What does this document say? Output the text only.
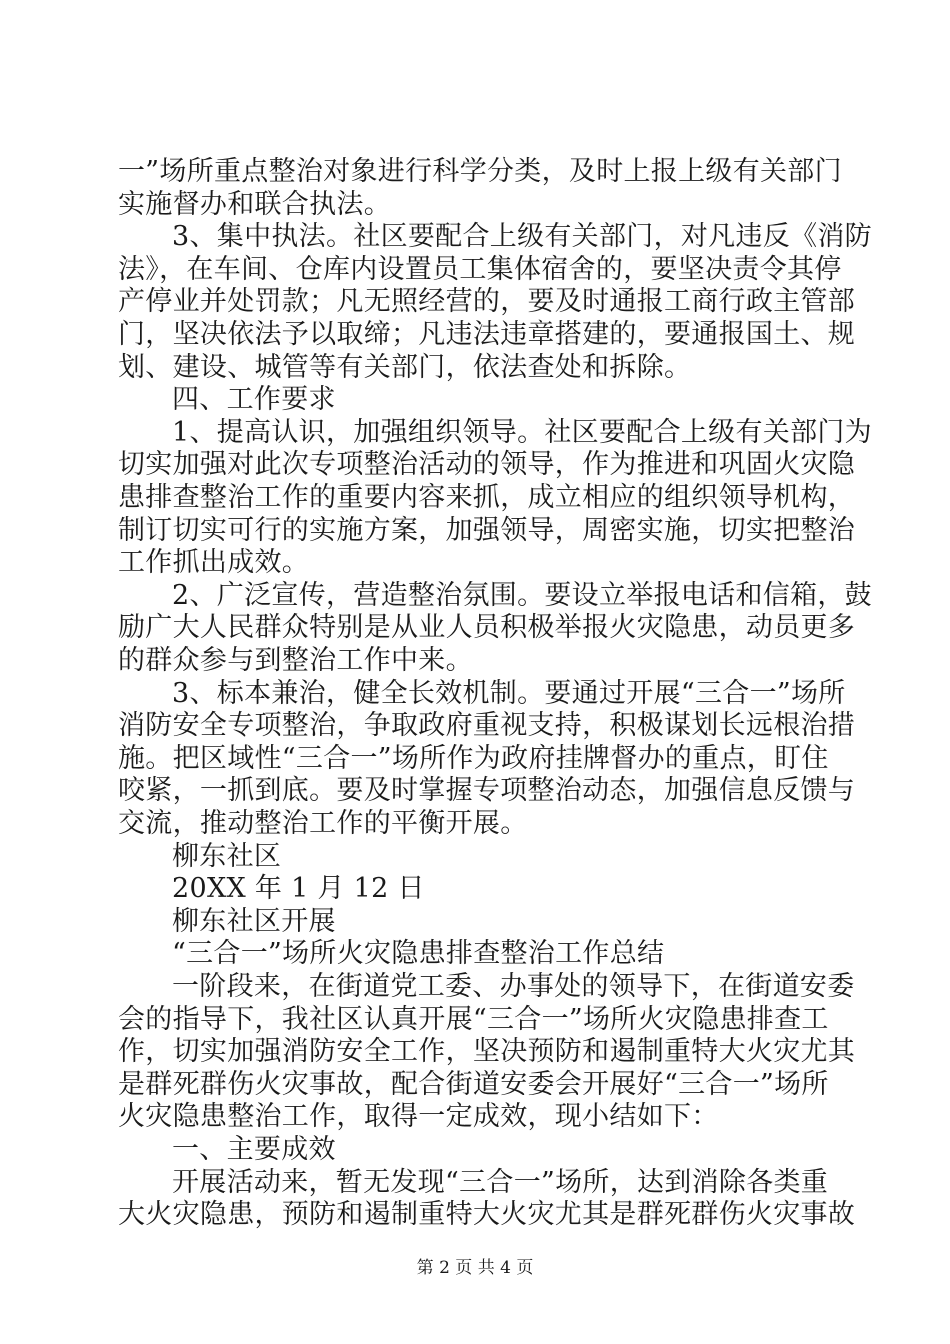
一”场所重点整治对象进行科学分类，及时上报上级有关部门
实施督办和联合执法。
3、集中执法。社区要配合上级有关部门，对凡违反《消防
法》，在车间、仓库内设置员工集体宿舍的，要坚决责令其停
产停业并处罚款；凡无照经营的，要及时通报工商行政主管部
门，坚决依法予以取缔；凡违法违章搭建的，要通报国土、规
划、建设、城管等有关部门，依法查处和拆除。
四、工作要求
1、提高认识，加强组织领导。社区要配合上级有关部门为
切实加强对此次专项整治活动的领导，作为推进和巩固火灾隐
患排查整治工作的重要内容来抓，成立相应的组织领导机构，
制订切实可行的实施方案，加强领导，周密实施，切实把整治
工作抓出成效。
2、广泛宣传，营造整治氛围。要设立举报电话和信箱，鼓
励广大人民群众特别是从业人员积极举报火灾隐患，动员更多
的群众参与到整治工作中来。
3、标本兼治，健全长效机制。要通过开展“三合一”场所
消防安全专项整治，争取政府重视支持，积极谋划长远根治措
施。把区域性“三合一”场所作为政府挂牌督办的重点，盯住
咬紧，一抓到底。要及时掌握专项整治动态，加强信息反馈与
交流，推动整治工作的平衡开展。
柳东社区
20XX 年 1 月 12 日
柳东社区开展
“三合一”场所火灾隐患排查整治工作总结
一阶段来，在街道党工委、办事处的领导下，在街道安委
会的指导下，我社区认真开展“三合一”场所火灾隐患排查工
作，切实加强消防安全工作，坚决预防和遏制重特大火灾尤其
是群死群伤火灾事故，配合街道安委会开展好“三合一”场所
火灾隐患整治工作，取得一定成效，现小结如下：
一、主要成效
开展活动来，暂无发现“三合一”场所，达到消除各类重
大火灾隐患，预防和遏制重特大火灾尤其是群死群伤火灾事故
第 2 页 共 4 页
